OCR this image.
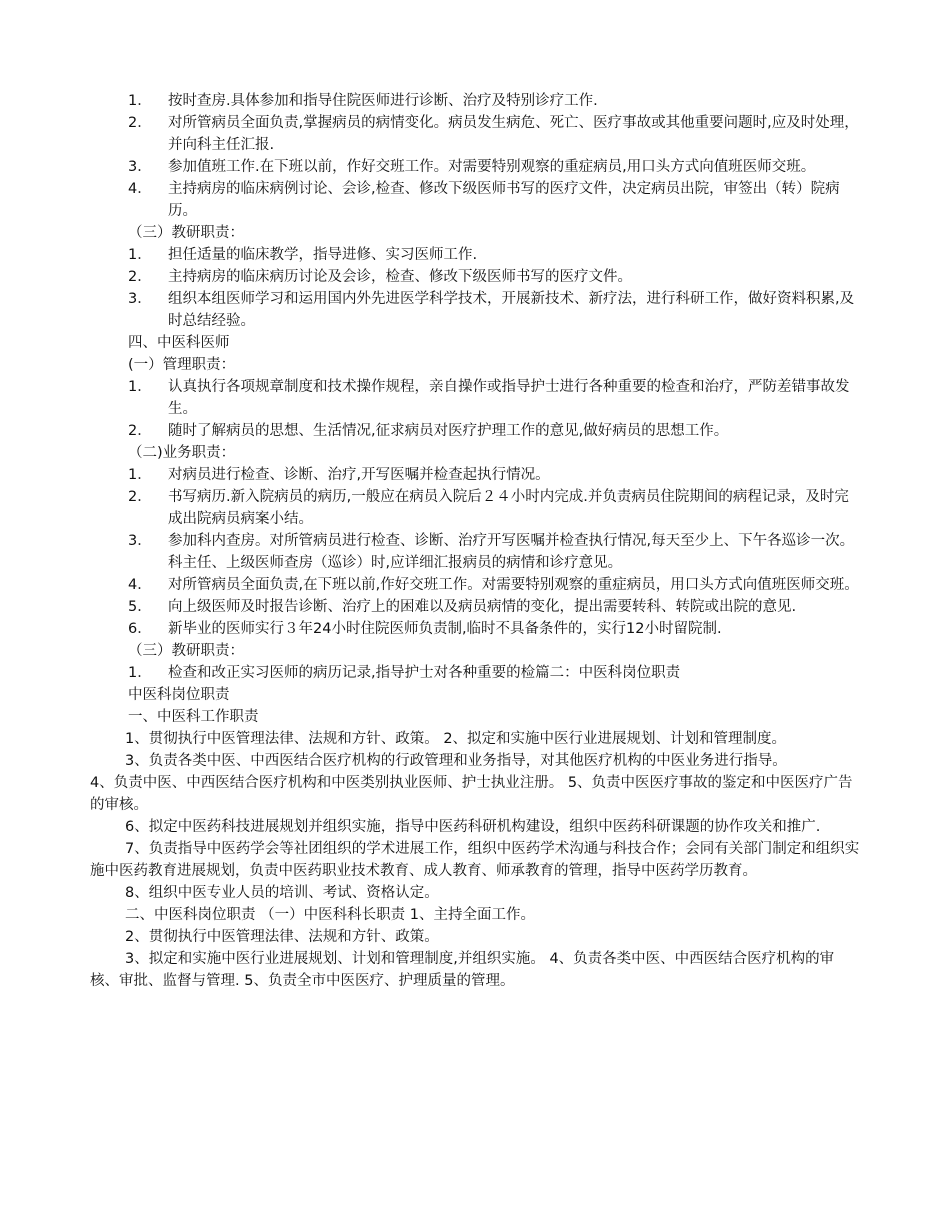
1．	按时查房.具体参加和指导住院医师进行诊断、治疗及特别诊疗工作.
2．	对所管病员全面负责,掌握病员的病情变化。病员发生病危、死亡、医疗事故或其他重要问题时,应及时处理，并向科主任汇报.
3．	参加值班工作.在下班以前，作好交班工作。对需要特别观察的重症病员,用口头方式向值班医师交班。
4．	主持病房的临床病例讨论、会诊,检查、修改下级医师书写的医疗文件，决定病员出院，审签出（转）院病历。
（三）教研职责：
1．	担任适量的临床教学，指导进修、实习医师工作.
2．	主持病房的临床病历讨论及会诊，检查、修改下级医师书写的医疗文件。
3．	组织本组医师学习和运用国内外先进医学科学技术，开展新技术、新疗法，进行科研工作，做好资料积累,及时总结经验。
四、中医科医师
(一）管理职责：
1．	认真执行各项规章制度和技术操作规程，亲自操作或指导护士进行各种重要的检查和治疗，严防差错事故发生。
2．	随时了解病员的思想、生活情况,征求病员对医疗护理工作的意见,做好病员的思想工作。
（二)业务职责：
1．	对病员进行检查、诊断、治疗,开写医嘱并检查起执行情况。
2．	书写病历.新入院病员的病历,一般应在病员入院后２４小时内完成.并负责病员住院期间的病程记录，及时完成出院病员病案小结。
3．	参加科内查房。对所管病员进行检查、诊断、治疗开写医嘱并检查执行情况,每天至少上、下午各巡诊一次。科主任、上级医师查房（巡诊）时,应详细汇报病员的病情和诊疗意见。
4．	对所管病员全面负责,在下班以前,作好交班工作。对需要特别观察的重症病员，用口头方式向值班医师交班。
5．	向上级医师及时报告诊断、治疗上的困难以及病员病情的变化，提出需要转科、转院或出院的意见.
6．	新毕业的医师实行３年24小时住院医师负责制,临时不具备条件的，实行12小时留院制.
（三）教研职责：
1．	检查和改正实习医师的病历记录,指导护士对各种重要的检篇二：中医科岗位职责
中医科岗位职责
一、中医科工作职责
1、贯彻执行中医管理法律、法规和方针、政策。 2、拟定和实施中医行业进展规划、计划和管理制度。
3、负责各类中医、中西医结合医疗机构的行政管理和业务指导，对其他医疗机构的中医业务进行指导。
4、负责中医、中西医结合医疗机构和中医类别执业医师、护士执业注册。 5、负责中医医疗事故的鉴定和中医医疗广告的审核。
6、拟定中医药科技进展规划并组织实施，指导中医药科研机构建设，组织中医药科研课题的协作攻关和推广.
7、负责指导中医药学会等社团组织的学术进展工作，组织中医药学术沟通与科技合作；会同有关部门制定和组织实施中医药教育进展规划，负责中医药职业技术教育、成人教育、师承教育的管理，指导中医药学历教育。
8、组织中医专业人员的培训、考试、资格认定。
二、中医科岗位职责 （一）中医科科长职责 1、主持全面工作。
2、贯彻执行中医管理法律、法规和方针、政策。
3、拟定和实施中医行业进展规划、计划和管理制度,并组织实施。 4、负责各类中医、中西医结合医疗机构的审核、审批、监督与管理. 5、负责全市中医医疗、护理质量的管理。
